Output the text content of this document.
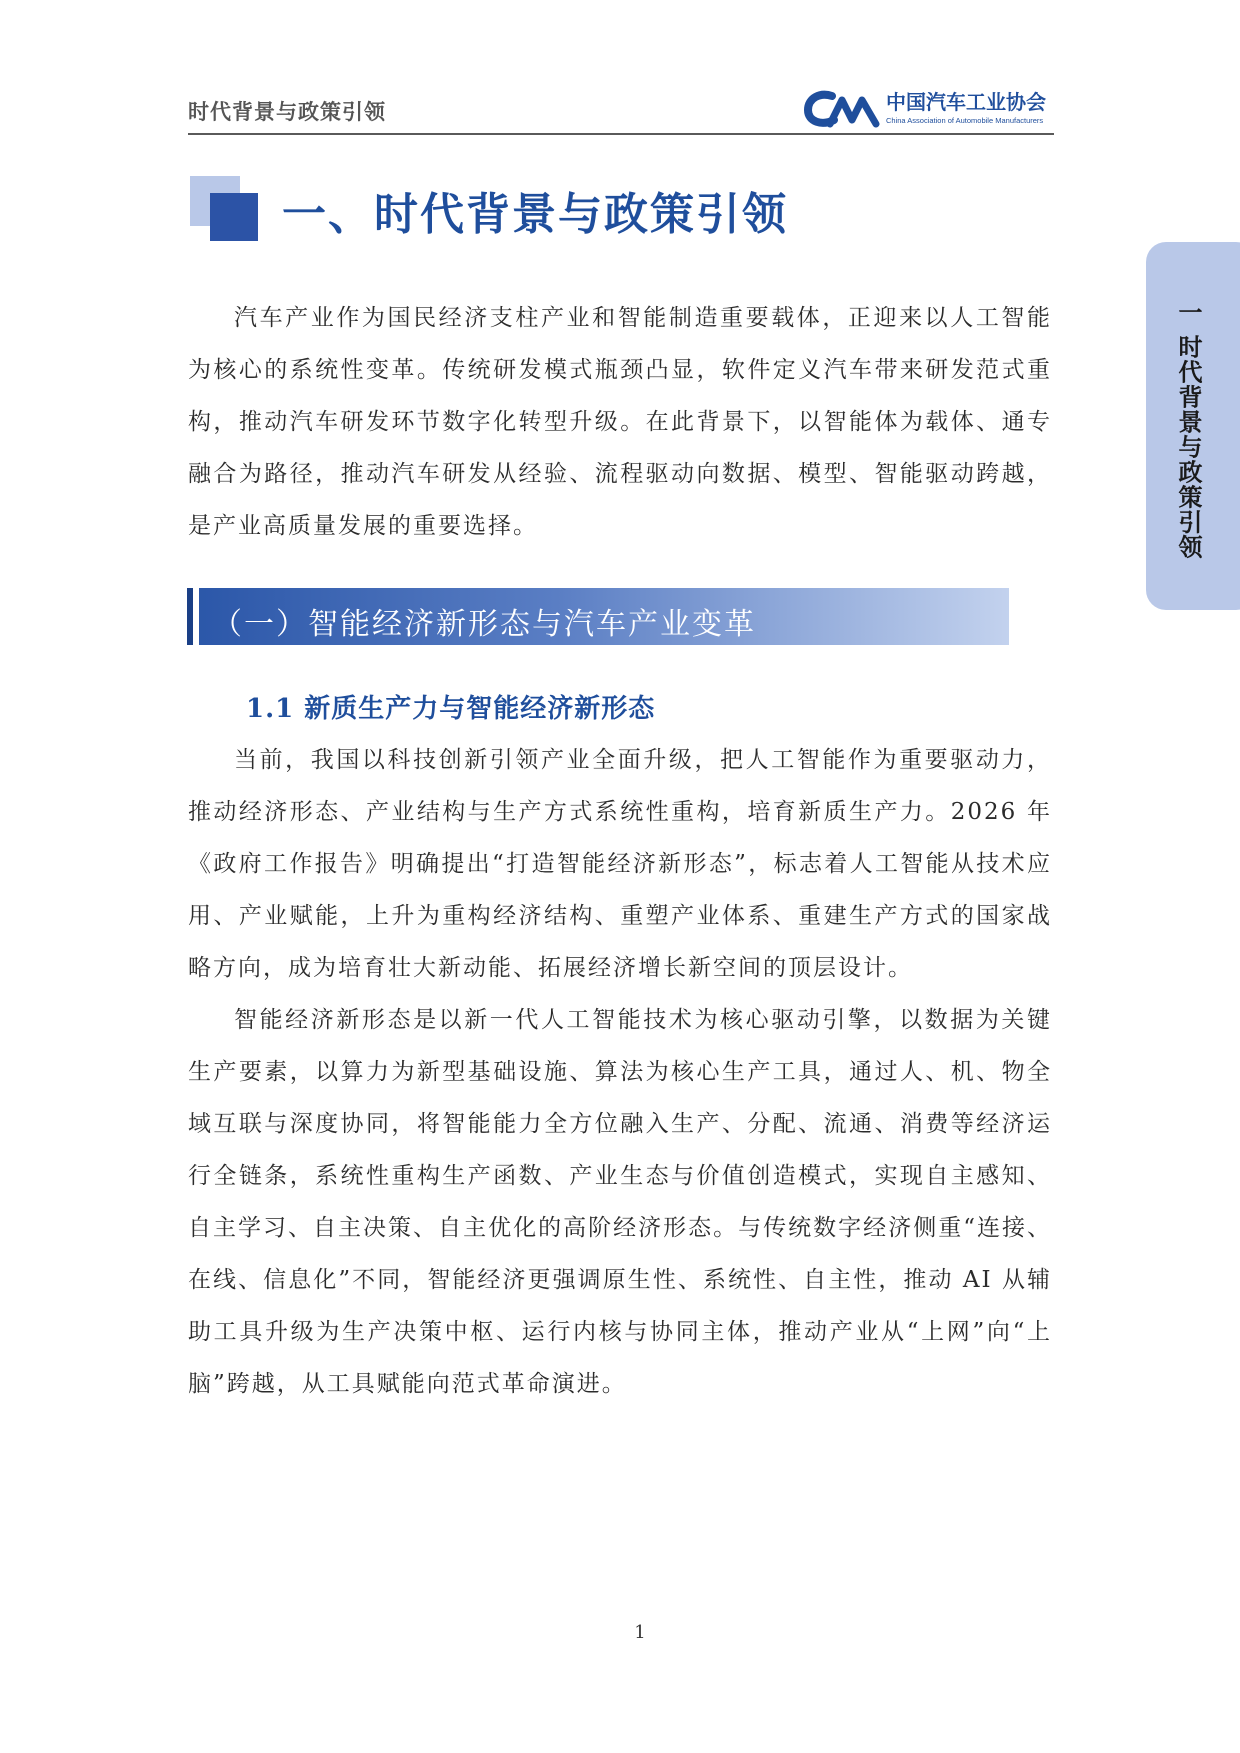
时代背景与政策引领	中国汽车工业协会
China Association of Automobile Manufacturers
一、时代背景与政策引领
一 时代背景与政策引领

汽车产业作为国民经济支柱产业和智能制造重要载体，正迎来以人工智能为核心的系统性变革。传统研发模式瓶颈凸显，软件定义汽车带来研发范式重构，推动汽车研发环节数字化转型升级。在此背景下，以智能体为载体、通专融合为路径，推动汽车研发从经验、流程驱动向数据、模型、智能驱动跨越，是产业高质量发展的重要选择。

（一）智能经济新形态与汽车产业变革
1.1 新质生产力与智能经济新形态

当前，我国以科技创新引领产业全面升级，把人工智能作为重要驱动力，推动经济形态、产业结构与生产方式系统性重构，培育新质生产力。2026 年《政府工作报告》明确提出“打造智能经济新形态”，标志着人工智能从技术应用、产业赋能，上升为重构经济结构、重塑产业体系、重建生产方式的国家战略方向，成为培育壮大新动能、拓展经济增长新空间的顶层设计。

智能经济新形态是以新一代人工智能技术为核心驱动引擎，以数据为关键生产要素，以算力为新型基础设施、算法为核心生产工具，通过人、机、物全域互联与深度协同，将智能能力全方位融入生产、分配、流通、消费等经济运行全链条，系统性重构生产函数、产业生态与价值创造模式，实现自主感知、自主学习、自主决策、自主优化的高阶经济形态。与传统数字经济侧重“连接、在线、信息化”不同，智能经济更强调原生性、系统性、自主性，推动 AI 从辅助工具升级为生产决策中枢、运行内核与协同主体，推动产业从“上网”向“上脑”跨越，从工具赋能向范式革命演进。

1
